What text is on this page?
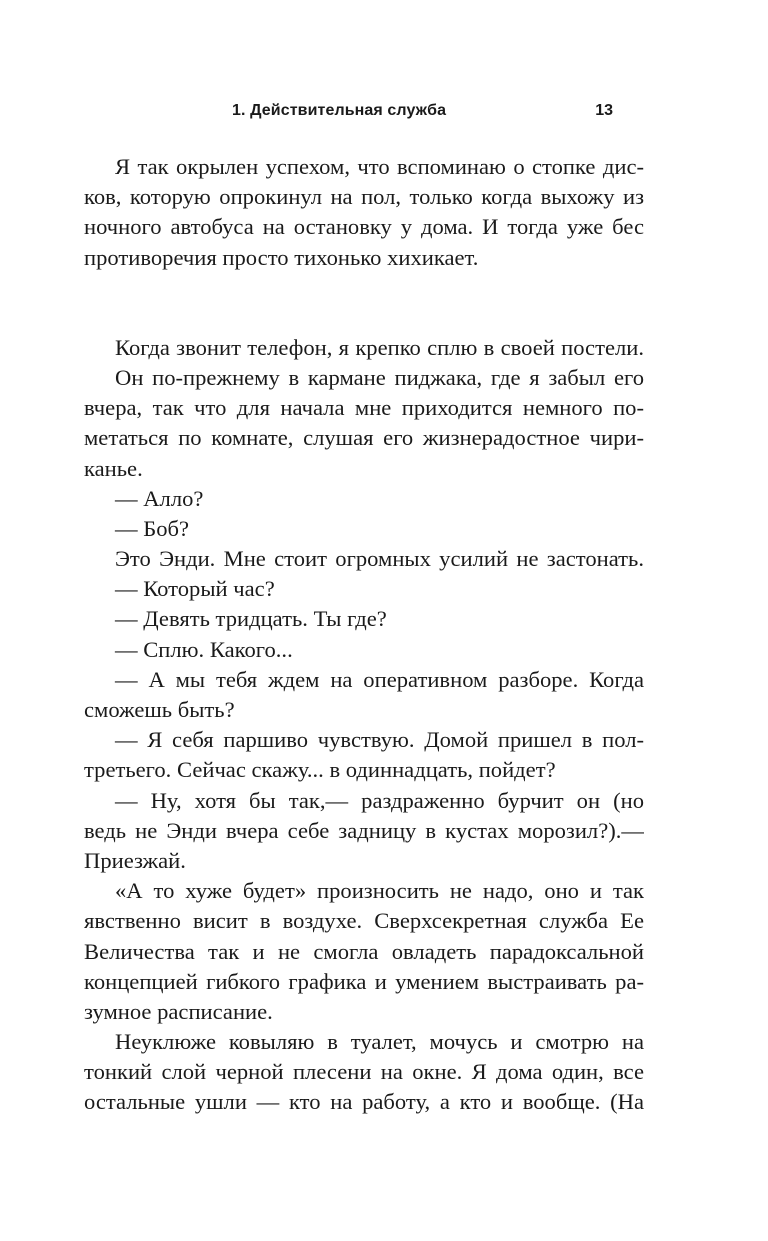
1. Действительная служба	13
Я так окрылен успехом, что вспоминаю о стопке дис-
ков, которую опрокинул на пол, только когда выхожу из
ночного автобуса на остановку у дома. И тогда уже бес
противоречия просто тихонько хихикает.
Когда звонит телефон, я крепко сплю в своей постели.
Он по-прежнему в кармане пиджака, где я забыл его
вчера, так что для начала мне приходится немного по-
метаться по комнате, слушая его жизнерадостное чири-
канье.
— Алло?
— Боб?
Это Энди. Мне стоит огромных усилий не застонать.
— Который час?
— Девять тридцать. Ты где?
— Сплю. Какого...
— А мы тебя ждем на оперативном разборе. Когда
сможешь быть?
— Я себя паршиво чувствую. Домой пришел в пол-
третьего. Сейчас скажу... в одиннадцать, пойдет?
— Ну, хотя бы так,— раздраженно бурчит он (но
ведь не Энди вчера себе задницу в кустах морозил?).—
Приезжай.
«А то хуже будет» произносить не надо, оно и так
явственно висит в воздухе. Сверхсекретная служба Ее
Величества так и не смогла овладеть парадоксальной
концепцией гибкого графика и умением выстраивать ра-
зумное расписание.
Неуклюже ковыляю в туалет, мочусь и смотрю на
тонкий слой черной плесени на окне. Я дома один, все
остальные ушли — кто на работу, а кто и вообще. (На
